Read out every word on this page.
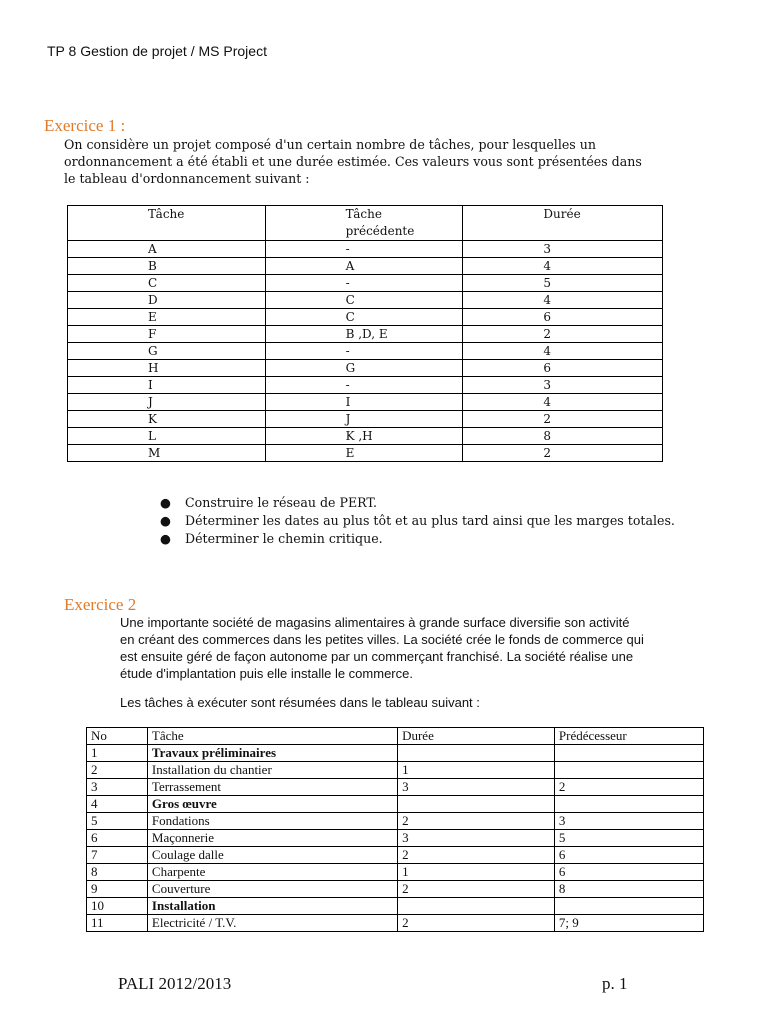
TP 8 Gestion de projet / MS Project
Exercice 1 :
On considère un projet composé d'un certain nombre de tâches, pour lesquelles un
ordonnancement a été établi et une durée estimée. Ces valeurs vous sont présentées dans
le tableau d'ordonnancement suivant :
Tâche	Tâche précédente	Durée
A	-	3
B	A	4
C	-	5
D	C	4
E	C	6
F	B ,D, E	2
G	-	4
H	G	6
I	-	3
J	I	4
K	J	2
L	K ,H	8
M	E	2
● Construire le réseau de PERT.
● Déterminer les dates au plus tôt et au plus tard ainsi que les marges totales.
● Déterminer le chemin critique.
Exercice 2
Une importante société de magasins alimentaires à grande surface diversifie son activité
en créant des commerces dans les petites villes. La société crée le fonds de commerce qui
est ensuite géré de façon autonome par un commerçant franchisé. La société réalise une
étude d'implantation puis elle installe le commerce.
Les tâches à exécuter sont résumées dans le tableau suivant :
No	Tâche	Durée	Prédécesseur
1	Travaux préliminaires		
2	Installation du chantier	1	
3	Terrassement	3	2
4	Gros œuvre		
5	Fondations	2	3
6	Maçonnerie	3	5
7	Coulage dalle	2	6
8	Charpente	1	6
9	Couverture	2	8
10	Installation		
11	Electricité / T.V.	2	7; 9
PALI 2012/2013	p. 1
